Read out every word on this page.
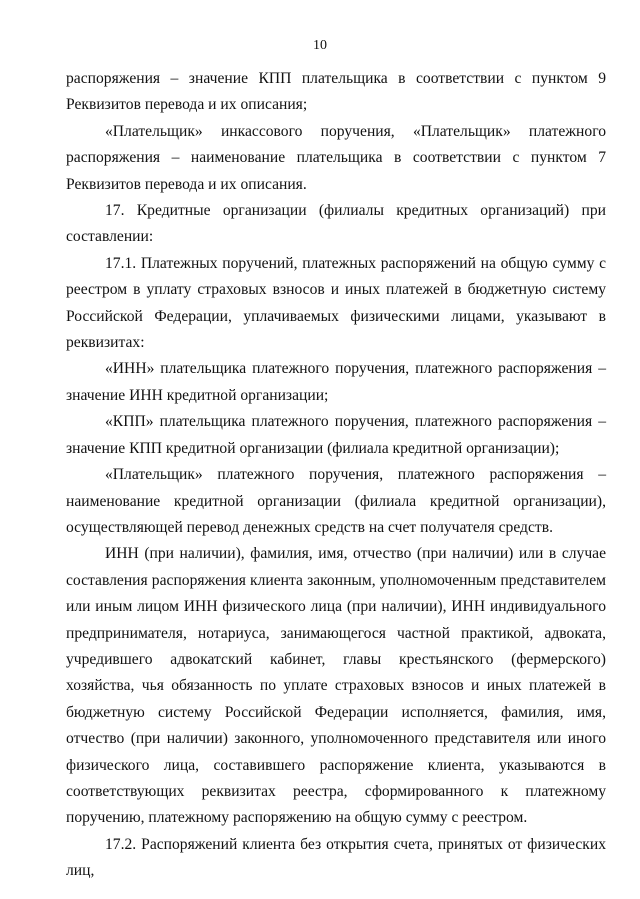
10

распоряжения – значение КПП плательщика в соответствии с пунктом 9 Реквизитов перевода и их описания;

«Плательщик» инкассового поручения, «Плательщик» платежного распоряжения – наименование плательщика в соответствии с пунктом 7 Реквизитов перевода и их описания.

17. Кредитные организации (филиалы кредитных организаций) при составлении:

17.1. Платежных поручений, платежных распоряжений на общую сумму с реестром в уплату страховых взносов и иных платежей в бюджетную систему Российской Федерации, уплачиваемых физическими лицами, указывают в реквизитах:

«ИНН» плательщика платежного поручения, платежного распоряжения – значение ИНН кредитной организации;

«КПП» плательщика платежного поручения, платежного распоряжения – значение КПП кредитной организации (филиала кредитной организации);

«Плательщик» платежного поручения, платежного распоряжения – наименование кредитной организации (филиала кредитной организации), осуществляющей перевод денежных средств на счет получателя средств.

ИНН (при наличии), фамилия, имя, отчество (при наличии) или в случае составления распоряжения клиента законным, уполномоченным представителем или иным лицом ИНН физического лица (при наличии), ИНН индивидуального предпринимателя, нотариуса, занимающегося частной практикой, адвоката, учредившего адвокатский кабинет, главы крестьянского (фермерского) хозяйства, чья обязанность по уплате страховых взносов и иных платежей в бюджетную систему Российской Федерации исполняется, фамилия, имя, отчество (при наличии) законного, уполномоченного представителя или иного физического лица, составившего распоряжение клиента, указываются в соответствующих реквизитах реестра, сформированного к платежному поручению, платежному распоряжению на общую сумму с реестром.

17.2. Распоряжений клиента без открытия счета, принятых от физических лиц,
